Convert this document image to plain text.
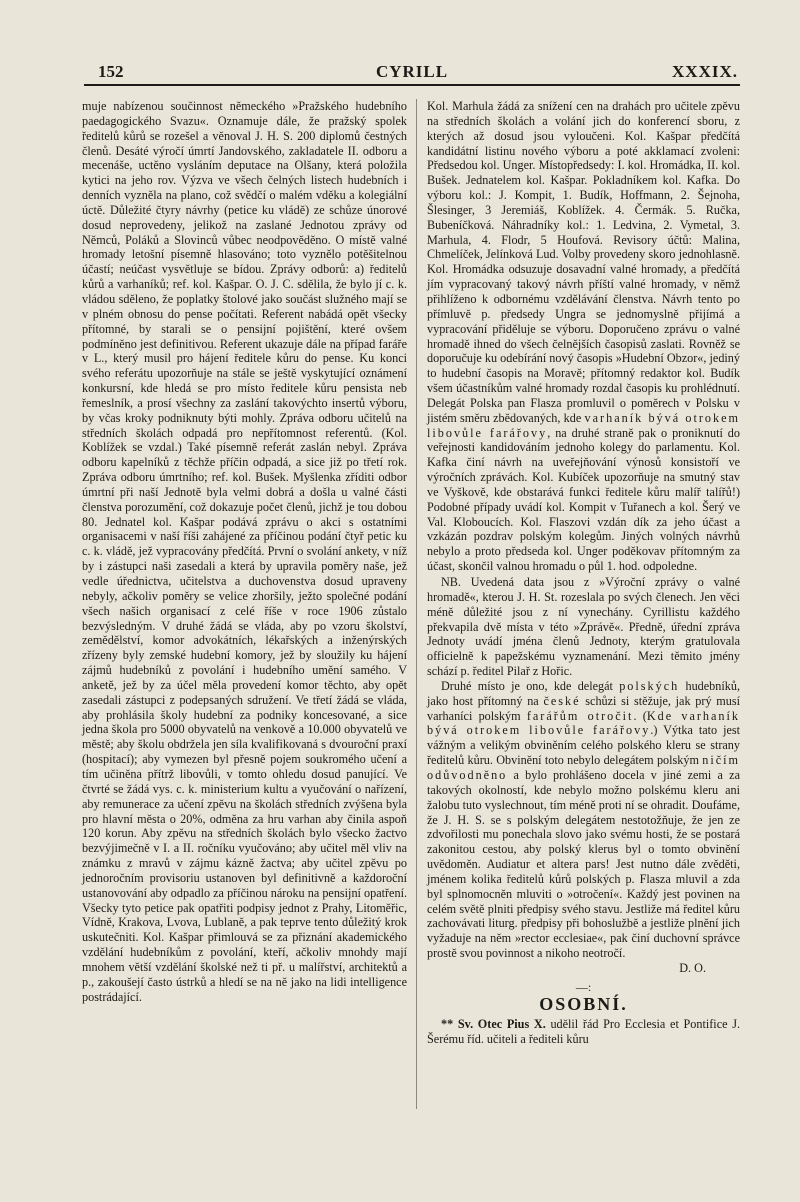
152	CYRILL	XXXIX.

muje nabízenou součinnost německého »Pražského hudebního paedagogického Svazu«. Oznamuje dále, že pražský spolek ředitelů kůrů se rozešel a věnoval J. H. S. 200 diplomů čestných členů. Desáté výročí úmrtí Jandovského, zakladatele II. odboru a mecenáše, uctěno vysláním deputace na Olšany, která položila kytici na jeho rov. Výzva ve všech čelných listech hudebních i denních vyzněla na plano, což svědčí o malém vděku a kolegiální úctě. Důležité čtyry návrhy (petice ku vládě) ze schůze únorové dosud neprovedeny, jelikož na zaslané Jednotou zprávy od Němců, Poláků a Slovinců vůbec neodpověděno. O místě valné hromady letošní písemně hlasováno; toto vyznělo potěšitelnou účastí; neúčast vysvětluje se bídou. Zprávy odborů: a) ředitelů kůrů a varhaníků; ref. kol. Kašpar. O. J. C. sdělila, že bylo jí c. k. vládou sděleno, že poplatky štolové jako součást služného mají se v plném obnosu do pense počítati. Referent nabádá opět všecky přítomné, by starali se o pensijní pojištění, které ovšem podmíněno jest definitivou. Referent ukazuje dále na případ faráře v L., který musil pro hájení ředitele kůru do pense. Ku konci svého referátu upozorňuje na stále se ještě vyskytující oznámení konkursní, kde hledá se pro místo ředitele kůru pensista neb řemeslník, a prosí všechny za zaslání takovýchto insertů výboru, by včas kroky podniknuty býti mohly. Zpráva odboru učitelů na středních školách odpadá pro nepřítomnost referentů. (Kol. Koblížek se vzdal.) Také písemně referát zaslán nebyl. Zpráva odboru kapelníků z těchže příčin odpadá, a sice již po třetí rok. Zpráva odboru úmrtního; ref. kol. Bušek. Myšlenka zříditi odbor úmrtní při naší Jednotě byla velmi dobrá a došla u valné části členstva porozumění, což dokazuje počet členů, jichž je tou dobou 80. Jednatel kol. Kašpar podává zprávu o akci s ostatními organisacemi v naší říši zahájené za příčinou podání čtyř petic ku c. k. vládě, jež vypracovány předčítá. První o svolání ankety, v níž by i zástupci naši zasedali a která by upravila poměry naše, jež vedle úřednictva, učitelstva a duchovenstva dosud upraveny nebyly, ačkoliv poměry se velice zhoršily, ježto společné podání všech našich organisací z celé říše v roce 1906 zůstalo bezvýsledným. V druhé žádá se vláda, aby po vzoru školství, zemědělství, komor advokátních, lékařských a inženýrských zřízeny byly zemské hudební komory, jež by sloužily ku hájení zájmů hudebníků z povolání i hudebního umění samého. V anketě, jež by za účel měla provedení komor těchto, aby opět zasedali zástupci z podepsaných sdružení. Ve třetí žádá se vláda, aby prohlásila školy hudební za podniky koncesované, a sice jedna škola pro 5000 obyvatelů na venkově a 10.000 obyvatelů ve městě; aby školu obdržela jen síla kvalifikovaná s dvouroční praxí (hospitací); aby vymezen byl přesně pojem soukromého učení a tím učiněna přítrž libovůli, v tomto ohledu dosud panující. Ve čtvrté se žádá vys. c. k. ministerium kultu a vyučování o nařízení, aby remunerace za učení zpěvu na školách středních zvýšena byla pro hlavní města o 20%, odměna za hru varhan aby činila aspoň 120 korun. Aby zpěvu na středních školách bylo všecko žactvo bezvýjimečně v I. a II. ročníku vyučováno; aby učitel měl vliv na známku z mravů v zájmu kázně žactva; aby učitel zpěvu po jednoročním provisoriu ustanoven byl definitivně a každoroční ustanovování aby odpadlo za příčinou nároku na pensijní opatření. Všecky tyto petice pak opatřiti podpisy jednot z Prahy, Litoměřic, Vídně, Krakova, Lvova, Lublaně, a pak teprve tento důležitý krok uskutečniti. Kol. Kašpar přimlouvá se za přiznání akademického vzdělání hudebníkům z povolání, kteří, ačkoliv mnohdy mají mnohem větší vzdělání školské než ti př. u malířství, architektů a p., zakoušejí často ústrků a hledí se na ně jako na lidi intelligence postrádající.

Kol. Marhula žádá za snížení cen na drahách pro učitele zpěvu na středních školách a volání jich do konferencí sboru, z kterých až dosud jsou vyloučeni. Kol. Kašpar předčítá kandidátní listinu nového výboru a poté akklamací zvoleni: Předsedou kol. Unger. Místopředsedy: I. kol. Hromádka, II. kol. Bušek. Jednatelem kol. Kašpar. Pokladníkem kol. Kafka. Do výboru kol.: J. Kompit, 1. Budík, Hoffmann, 2. Šejnoha, Šlesinger, 3 Jeremiáš, Koblížek. 4. Čermák. 5. Ručka, Bubeníčková. Náhradníky kol.: 1. Ledvina, 2. Vymetal, 3. Marhula, 4. Flodr, 5 Houfová. Revisory účtů: Malina, Chmelíček, Jelínková Lud. Volby provedeny skoro jednohlasně. Kol. Hromádka odsuzuje dosavadní valné hromady, a předčítá jím vypracovaný takový návrh příští valné hromady, v němž přihlíženo k odbornému vzdělávání členstva. Návrh tento po přímluvě p. předsedy Ungra se jednomyslně přijímá a vypracování přiděluje se výboru. Doporučeno zprávu o valné hromadě ihned do všech čelnějších časopisů zaslati. Rovněž se doporučuje ku odebírání nový časopis »Hudební Obzor«, jediný to hudební časopis na Moravě; přítomný redaktor kol. Budík všem účastníkům valné hromady rozdal časopis ku prohlédnutí. Delegát Polska pan Flasza promluvil o poměrech v Polsku v jistém směru zbědovaných, kde varhaník bývá otrokem libovůle farářovy, na druhé straně pak o proniknutí do veřejnosti kandidováním jednoho kolegy do parlamentu. Kol. Kafka činí návrh na uveřejňování výnosů konsistoří ve výročních zprávách. Kol. Kubíček upozorňuje na smutný stav ve Vyškově, kde obstarává funkci ředitele kůru malíř talířů!) Podobné případy uvádí kol. Kompit v Tuřanech a kol. Šerý ve Val. Kloboucích. Kol. Flaszovi vzdán dík za jeho účast a vzkázán pozdrav polským kolegům. Jiných volných návrhů nebylo a proto předseda kol. Unger poděkovav přítomným za účast, skončil valnou hromadu o půl 1. hod. odpoledne.

NB. Uvedená data jsou z »Výroční zprávy o valné hromadě«, kterou J. H. St. rozeslala po svých členech. Jen věci méně důležité jsou z ní vynechány. Cyrillistu každého překvapila dvě místa v této »Zprávě«. Předně, úřední zpráva Jednoty uvádí jména členů Jednoty, kterým gratulovala officielně k papežskému vyznamenání. Mezi těmito jmény schází p. ředitel Pilař z Hořic.

Druhé místo je ono, kde delegát polských hudebníků, jako host přítomný na české schůzi si stěžuje, jak prý musí varhaníci polským farářům otročit. (Kde varhaník bývá otrokem libovůle farářovy.) Výtka tato jest vážným a velikým obviněním celého polského kleru se strany ředitelů kůru. Obvinění toto nebylo delegátem polským ničím odůvodněno a bylo prohlášeno docela v jiné zemi a za takových okolností, kde nebylo možno polskému kleru ani žalobu tuto vyslechnout, tím méně proti ní se ohradit. Doufáme, že J. H. S. se s polským delegátem nestotožňuje, že jen ze zdvořilosti mu ponechala slovo jako svému hosti, že se postará zakonitou cestou, aby polský klerus byl o tomto obvinění uvědoměn. Audiatur et altera pars! Jest nutno dále zvěděti, jménem kolika ředitelů kůrů polských p. Flasza mluvil a zda byl splnomocněn mluviti o »otročení«. Každý jest povinen na celém světě plniti předpisy svého stavu. Jestliže má ředitel kůru zachovávati liturg. předpisy při bohoslužbě a jestliže plnění jich vyžaduje na něm »rector ecclesiae«, pak činí duchovní správce prostě svou povinnost a nikoho neotročí.

D. O.
—:
OSOBNÍ.

** Sv. Otec Pius X. udělil řád Pro Ecclesia et Pontifice J. Šerému říd. učiteli a řediteli kůru
